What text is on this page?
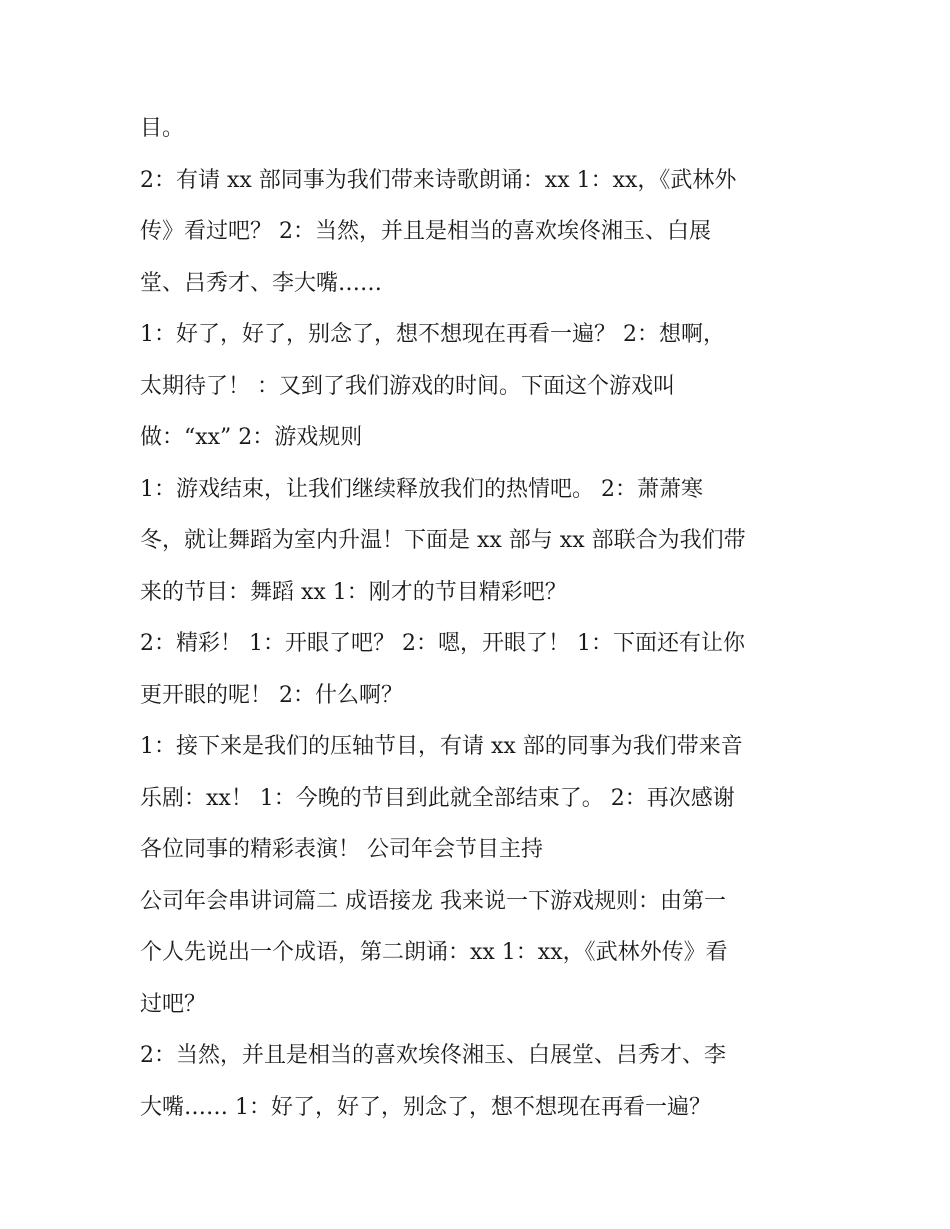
目。
2：有请 xx 部同事为我们带来诗歌朗诵：xx 1：xx，《武林外
传》看过吧？ 2：当然，并且是相当的喜欢埃佟湘玉、白展
堂、吕秀才、李大嘴……
1：好了，好了，别念了，想不想现在再看一遍？ 2：想啊，
太期待了！ ：又到了我们游戏的时间。下面这个游戏叫
做：“xx” 2：游戏规则
1：游戏结束，让我们继续释放我们的热情吧。 2：萧萧寒
冬，就让舞蹈为室内升温！下面是 xx 部与 xx 部联合为我们带
来的节目：舞蹈 xx 1：刚才的节目精彩吧？
2：精彩！ 1：开眼了吧？ 2：嗯，开眼了！ 1：下面还有让你
更开眼的呢！ 2：什么啊？
1：接下来是我们的压轴节目，有请 xx 部的同事为我们带来音
乐剧：xx！ 1：今晚的节目到此就全部结束了。 2：再次感谢
各位同事的精彩表演！ 公司年会节目主持
公司年会串讲词篇二 成语接龙 我来说一下游戏规则：由第一
个人先说出一个成语，第二朗诵：xx 1：xx，《武林外传》看
过吧？
2：当然，并且是相当的喜欢埃佟湘玉、白展堂、吕秀才、李
大嘴…… 1：好了，好了，别念了，想不想现在再看一遍？
